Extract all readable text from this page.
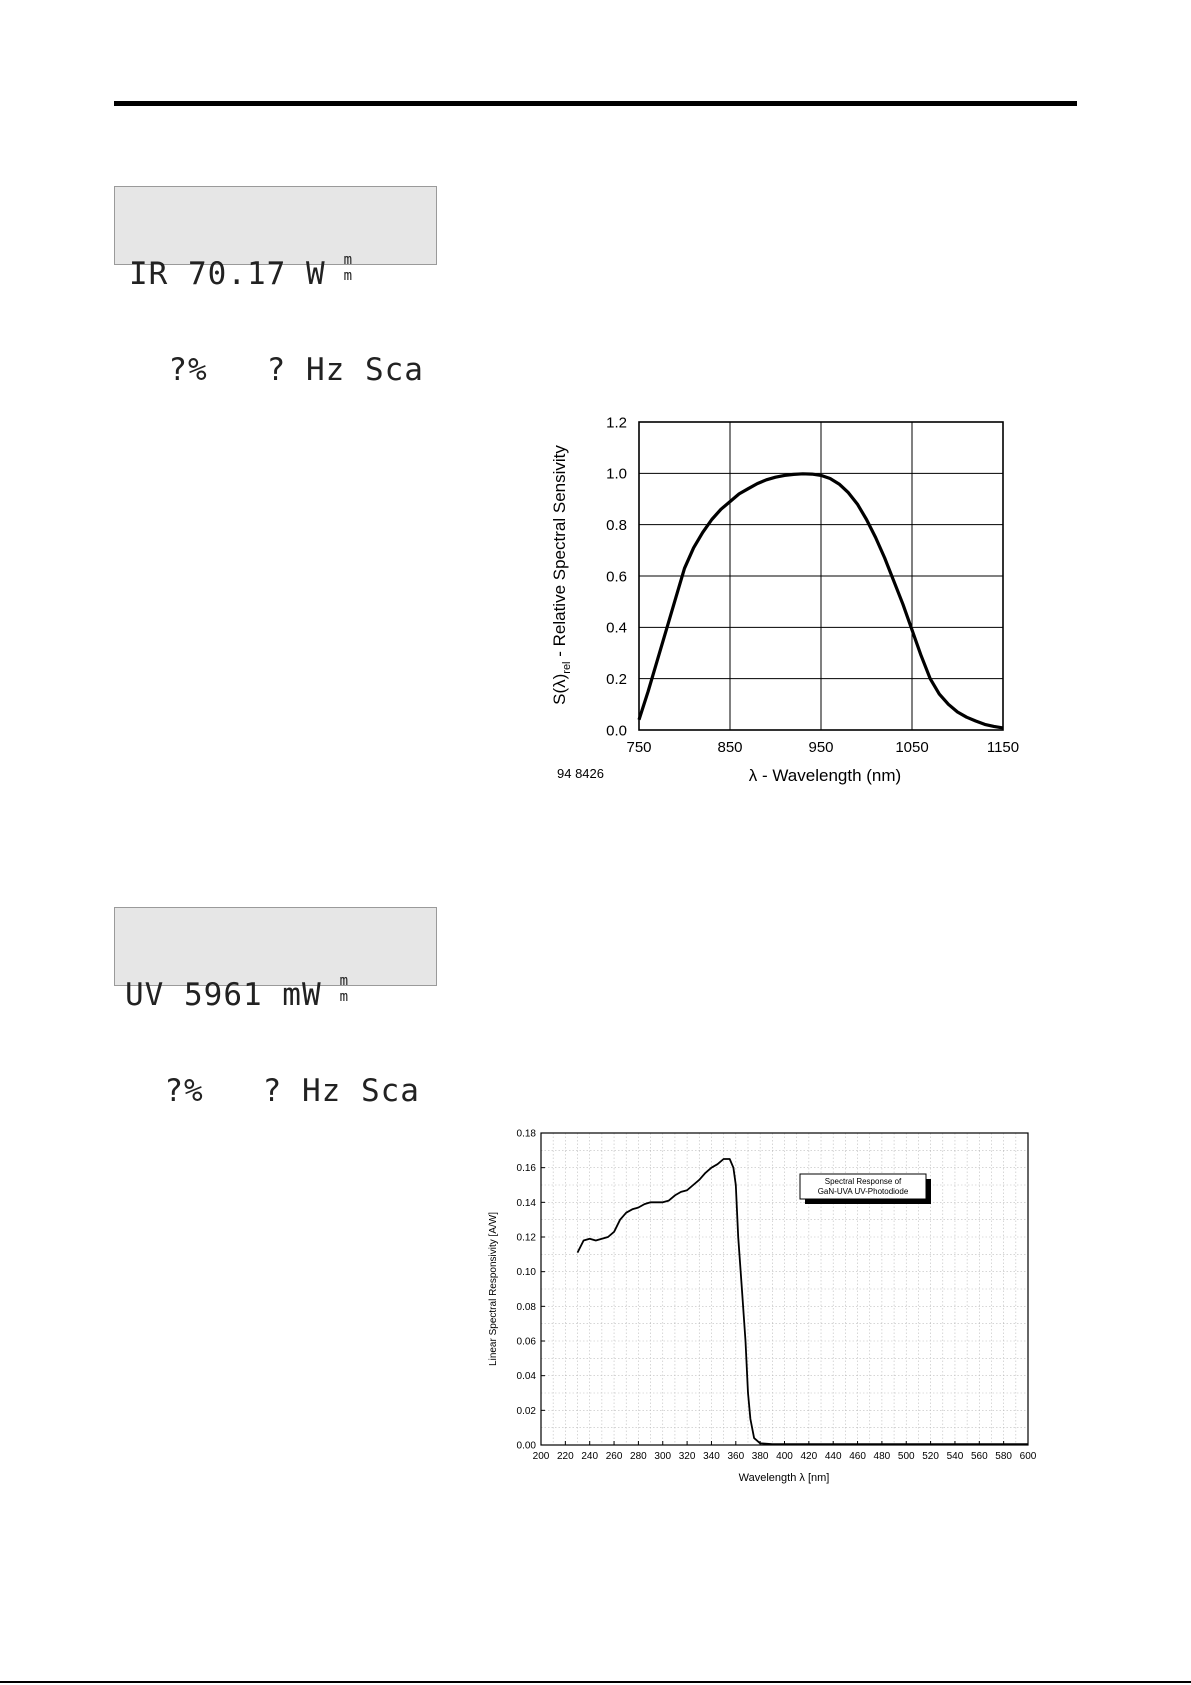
IR 70.17 W m
m

?%   ? Hz Sca

750	850	950	1050	1150
0.0
0.2
0.4
0.6
0.8
1.0
1.2
$S(\lambda)_{rel}$ - Relative Spectral Sensivity
λ - Wavelength (nm)
94 8426

UV 5961 mW m
m

?%   ? Hz Sca

200 220 240 260 280 300 320 340 360 380 400 420 440 460 480 500 520 540 560 580 600
0.00
0.02
0.04
0.06
0.08
0.10
0.12
0.14
0.16
0.18
Spectral Response of
GaN-UVA UV-Photodiode
Linear Spectral Responsivity [A/W]
Wavelength λ [nm]
